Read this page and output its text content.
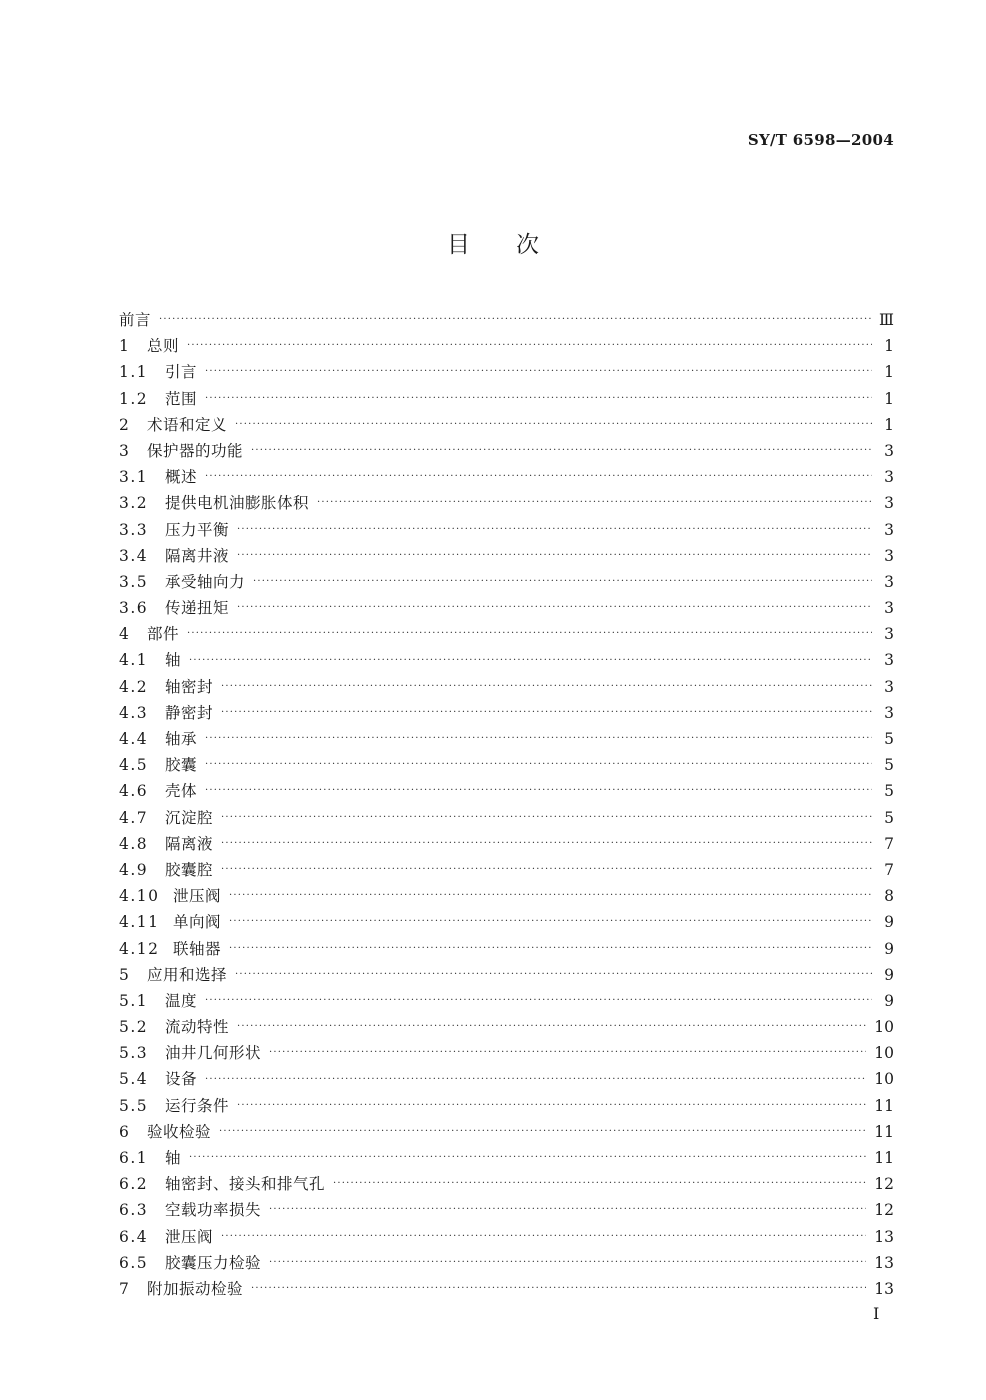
SY/T 6598—2004
目次
前言 ·····	Ⅲ
1	总则 ·····	1
1.1	引言 ·····	1
1.2	范围 ·····	1
2	术语和定义 ·····	1
3	保护器的功能 ·····	3
3.1	概述 ·····	3
3.2	提供电机油膨胀体积 ·····	3
3.3	压力平衡 ·····	3
3.4	隔离井液 ·····	3
3.5	承受轴向力 ·····	3
3.6	传递扭矩 ·····	3
4	部件 ·····	3
4.1	轴 ·····	3
4.2	轴密封 ·····	3
4.3	静密封 ·····	3
4.4	轴承 ·····	5
4.5	胶囊 ·····	5
4.6	壳体 ·····	5
4.7	沉淀腔 ·····	5
4.8	隔离液 ·····	7
4.9	胶囊腔 ·····	7
4.10 泄压阀 ·····	8
4.11 单向阀 ·····	9
4.12 联轴器 ·····	9
5	应用和选择 ·····	9
5.1	温度 ·····	9
5.2	流动特性 ·····	10
5.3	油井几何形状 ·····	10
5.4	设备 ·····	10
5.5	运行条件 ·····	11
6	验收检验 ·····	11
6.1	轴 ·····	11
6.2	轴密封、接头和排气孔 ·····	12
6.3	空载功率损失 ·····	12
6.4	泄压阀 ·····	13
6.5	胶囊压力检验 ·····	13
7	附加振动检验 ·····	13
Ⅰ
